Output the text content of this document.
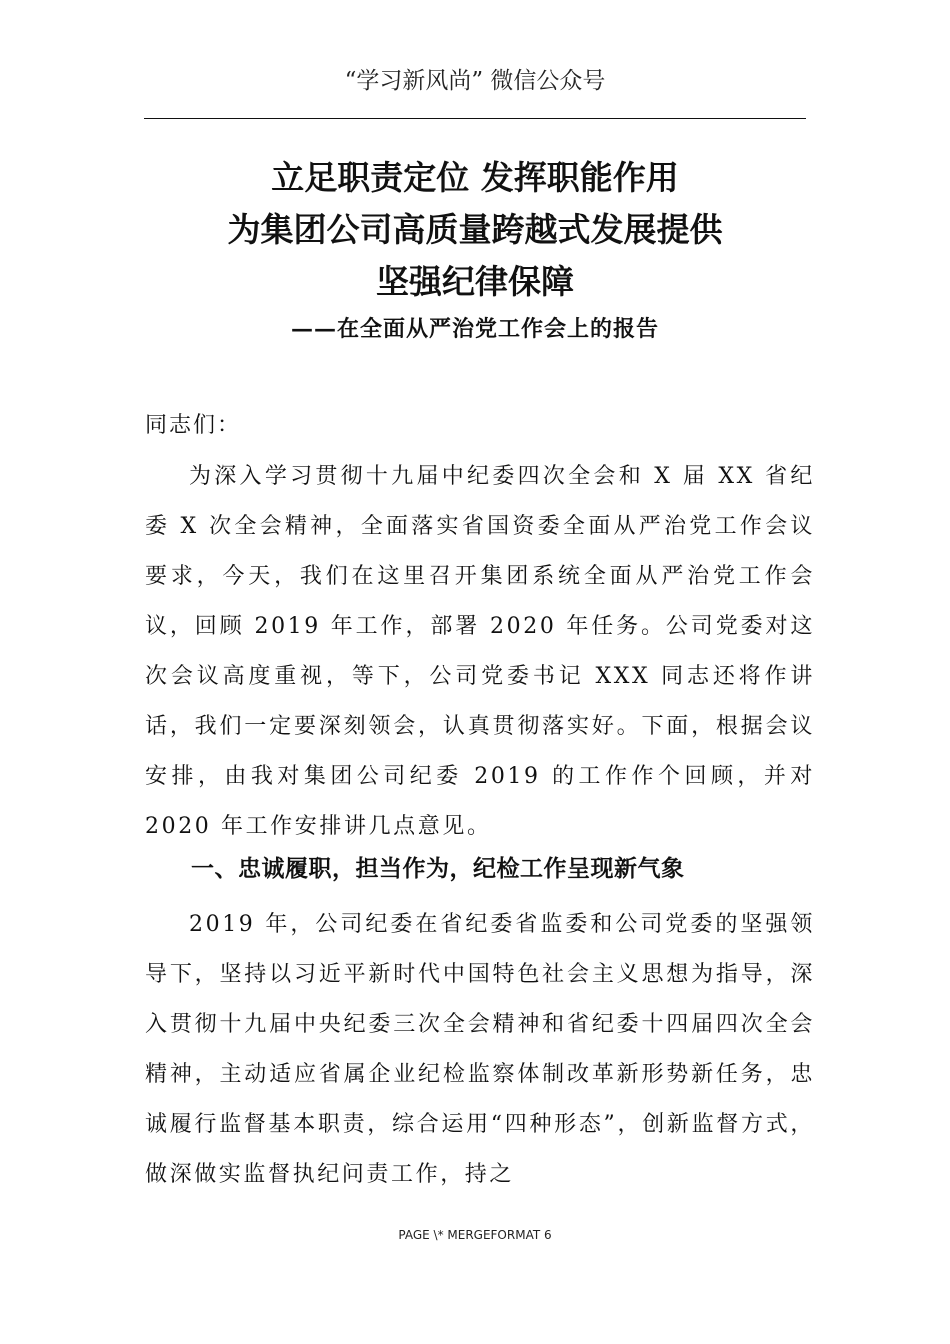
“学习新风尚” 微信公众号
立足职责定位 发挥职能作用
为集团公司高质量跨越式发展提供
坚强纪律保障
——在全面从严治党工作会上的报告
同志们：
为深入学习贯彻十九届中纪委四次全会和 X 届 XX 省纪委 X 次全会精神，全面落实省国资委全面从严治党工作会议要求，今天，我们在这里召开集团系统全面从严治党工作会议，回顾 2019 年工作，部署 2020 年任务。公司党委对这次会议高度重视，等下，公司党委书记 XXX 同志还将作讲话，我们一定要深刻领会，认真贯彻落实好。下面，根据会议安排，由我对集团公司纪委 2019 的工作作个回顾，并对 2020 年工作安排讲几点意见。
一、忠诚履职，担当作为，纪检工作呈现新气象
2019 年，公司纪委在省纪委省监委和公司党委的坚强领导下，坚持以习近平新时代中国特色社会主义思想为指导，深入贯彻十九届中央纪委三次全会精神和省纪委十四届四次全会精神，主动适应省属企业纪检监察体制改革新形势新任务，忠诚履行监督基本职责，综合运用“四种形态”，创新监督方式，做深做实监督执纪问责工作，持之
PAGE \* MERGEFORMAT 6
